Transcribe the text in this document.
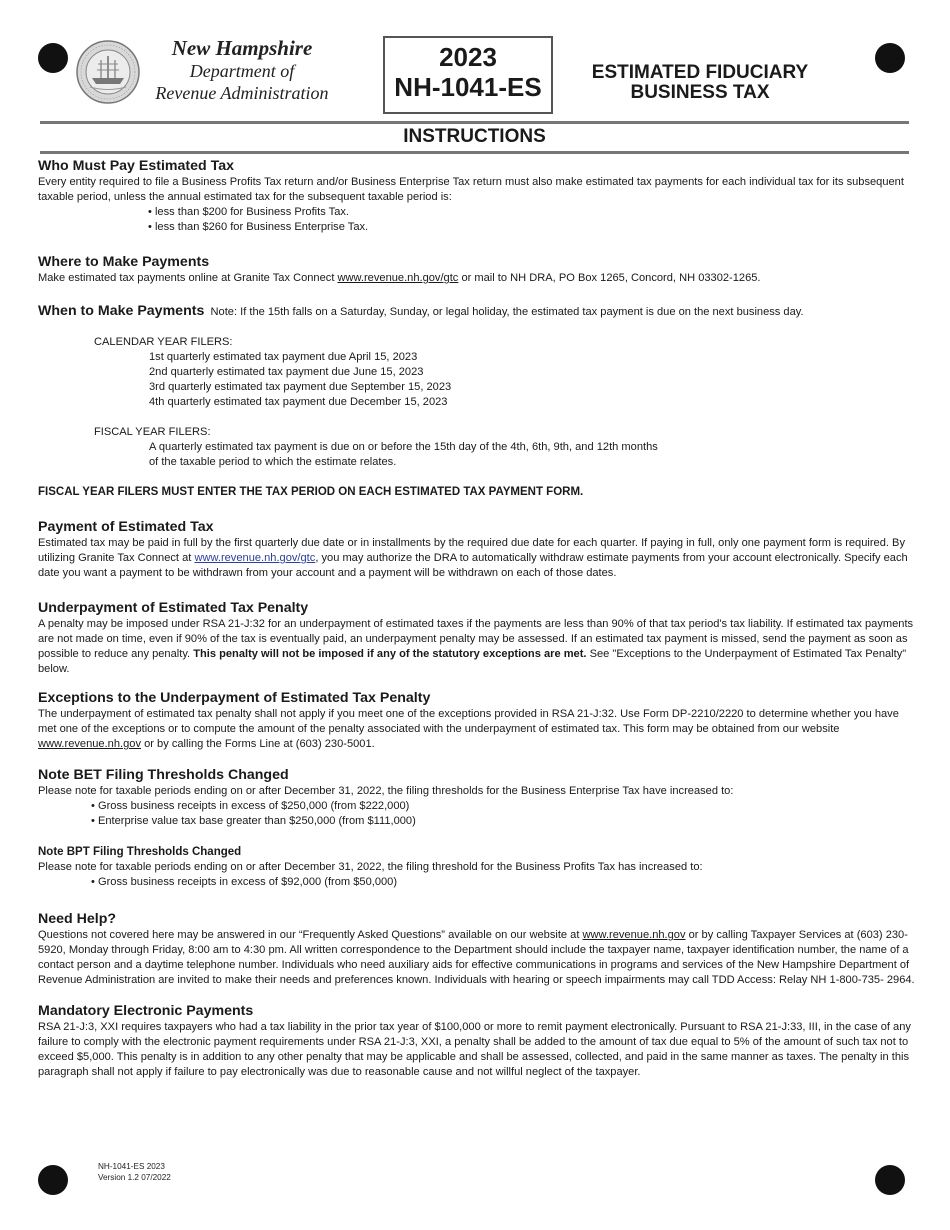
New Hampshire
Department of
Revenue Administration
2023
NH-1041-ES	ESTIMATED FIDUCIARY
BUSINESS TAX
INSTRUCTIONS
Who Must Pay Estimated Tax

Every entity required to file a Business Profits Tax return and/or Business Enterprise Tax return must also make estimated tax payments for each individual tax for its subsequent taxable period, unless the annual estimated tax for the subsequent taxable period is:

• less than $200 for Business Profits Tax.

• less than $260 for Business Enterprise Tax.

Where to Make Payments

Make estimated tax payments online at Granite Tax Connect www.revenue.nh.gov/gtc or mail to NH DRA, PO Box 1265, Concord, NH 03302-1265.

When to Make Payments Note: If the 15th falls on a Saturday, Sunday, or legal holiday, the estimated tax payment is due on the next business day.

CALENDAR YEAR FILERS:

1st quarterly estimated tax payment due April 15, 2023

2nd quarterly estimated tax payment due June 15, 2023

3rd quarterly estimated tax payment due September 15, 2023

4th quarterly estimated tax payment due December 15, 2023

FISCAL YEAR FILERS:

A quarterly estimated tax payment is due on or before the 15th day of the 4th, 6th, 9th, and 12th months

of the taxable period to which the estimate relates.

FISCAL YEAR FILERS MUST ENTER THE TAX PERIOD ON EACH ESTIMATED TAX PAYMENT FORM.

Payment of Estimated Tax

Estimated tax may be paid in full by the first quarterly due date or in installments by the required due date for each quarter. If paying in full, only one payment form is required. By utilizing Granite Tax Connect at www.revenue.nh.gov/gtc, you may authorize the DRA to automatically withdraw estimate payments from your account electronically. Specify each date you want a payment to be withdrawn from your account and a payment will be withdrawn on each of those dates.

Underpayment of Estimated Tax Penalty

A penalty may be imposed under RSA 21-J:32 for an underpayment of estimated taxes if the payments are less than 90% of that tax period's tax liability. If estimated tax payments are not made on time, even if 90% of the tax is eventually paid, an underpayment penalty may be assessed. If an estimated tax payment is missed, send the payment as soon as possible to reduce any penalty. This penalty will not be imposed if any of the statutory exceptions are met. See "Exceptions to the Underpayment of Estimated Tax Penalty" below.

Exceptions to the Underpayment of Estimated Tax Penalty

The underpayment of estimated tax penalty shall not apply if you meet one of the exceptions provided in RSA 21-J:32. Use Form DP-2210/2220 to determine whether you have met one of the exceptions or to compute the amount of the penalty associated with the underpayment of estimated tax. This form may be obtained from our website www.revenue.nh.gov or by calling the Forms Line at (603) 230-5001.

Note BET Filing Thresholds Changed

Please note for taxable periods ending on or after December 31, 2022, the filing thresholds for the Business Enterprise Tax have increased to:

• Gross business receipts in excess of $250,000 (from $222,000)

• Enterprise value tax base greater than $250,000 (from $111,000)

Note BPT Filing Thresholds Changed

Please note for taxable periods ending on or after December 31, 2022, the filing threshold for the Business Profits Tax has increased to:

• Gross business receipts in excess of $92,000 (from $50,000)

Need Help?

Questions not covered here may be answered in our “Frequently Asked Questions” available on our website at www.revenue.nh.gov or by calling Taxpayer Services at (603) 230-5920, Monday through Friday, 8:00 am to 4:30 pm. All written correspondence to the Department should include the taxpayer name, taxpayer identification number, the name of a contact person and a daytime telephone number. Individuals who need auxiliary aids for effective communications in programs and services of the New Hampshire Department of Revenue Administration are invited to make their needs and preferences known. Individuals with hearing or speech impairments may call TDD Access: Relay NH 1-800-735- 2964.

Mandatory Electronic Payments

RSA 21-J:3, XXI requires taxpayers who had a tax liability in the prior tax year of $100,000 or more to remit payment electronically. Pursuant to RSA 21-J:33, III, in the case of any failure to comply with the electronic payment requirements under RSA 21-J:3, XXI, a penalty shall be added to the amount of tax due equal to 5% of the amount of such tax not to exceed $5,000. This penalty is in addition to any other penalty that may be applicable and shall be assessed, collected, and paid in the same manner as taxes. The penalty in this paragraph shall not apply if failure to pay electronically was due to reasonable cause and not willful neglect of the taxpayer.

NH-1041-ES 2023
Version 1.2 07/2022
